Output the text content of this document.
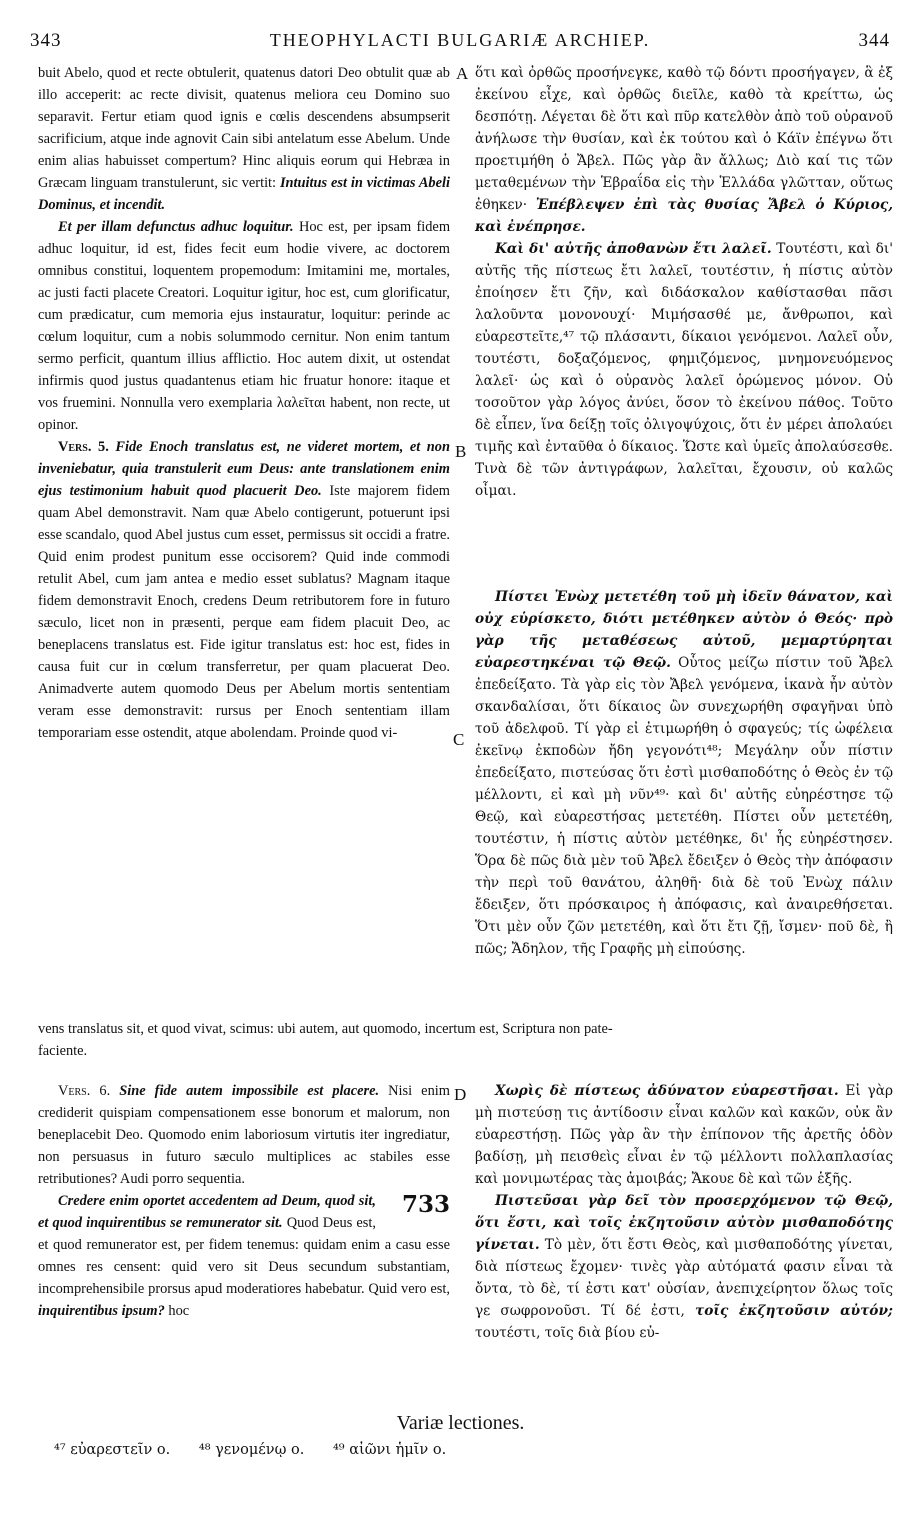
343	THEOPHYLACTI BULGARIÆ ARCHIEP.	344
A
B
C
D

buit Abelo, quod et recte obtulerit, quatenus datori Deo obtulit quæ ab illo acceperit: ac recte divisit, quatenus meliora ceu Domino suo separavit. Fertur etiam quod ignis e cœlis descendens absumpserit sacrificium, atque inde agnovit Cain sibi antelatum esse Abelum. Unde enim alias habuisset compertum? Hinc aliquis eorum qui Hebræa in Græcam linguam transtulerunt, sic vertit: Intuitus est in victimas Abeli Dominus, et incendit.

Et per illam defunctus adhuc loquitur. Hoc est, per ipsam fidem adhuc loquitur, id est, fides fecit eum hodie vivere, ac doctorem omnibus constitui, loquentem propemodum: Imitamini me, mortales, ac justi facti placete Creatori. Loquitur igitur, hoc est, cum glorificatur, cum prædicatur, cum memoria ejus instauratur, loquitur: perinde ac cœlum loquitur, cum a nobis solummodo cernitur. Non enim tantum sermo perficit, quantum illius afflictio. Hoc autem dixit, ut ostendat infirmis quod justus quadantenus etiam hic fruatur honore: itaque et vos fruemini. Nonnulla vero exemplaria λαλεῖται habent, non recte, ut opinor.

Vers. 5. Fide Enoch translatus est, ne videret mortem, et non inveniebatur, quia transtulerit eum Deus: ante translationem enim ejus testimonium habuit quod placuerit Deo. Iste majorem fidem quam Abel demonstravit. Nam quæ Abelo contigerunt, potuerunt ipsi esse scandalo, quod Abel justus cum esset, permissus sit occidi a fratre. Quid enim prodest punitum esse occisorem? Quid inde commodi retulit Abel, cum jam antea e medio esset sublatus? Magnam itaque fidem demonstravit Enoch, credens Deum retributorem fore in futuro sæculo, licet non in præsenti, perque eam fidem placuit Deo, ac beneplacens translatus est. Fide igitur translatus est: hoc est, fides in causa fuit cur in cœlum transferretur, per quam placuerat Deo. Animadverte autem quomodo Deus per Abelum mortis sententiam veram esse demonstravit: rursus per Enoch sententiam illam temporariam esse ostendit, atque abolendam. Proinde quod vi-

ὅτι καὶ ὀρθῶς προσήνεγκε, καθὸ τῷ δόντι προσήγαγεν, ἃ ἐξ ἐκείνου εἶχε, καὶ ὀρθῶς διεῖλε, καθὸ τὰ κρείττω, ὡς δεσπότῃ. Λέγεται δὲ ὅτι καὶ πῦρ κατελθὸν ἀπὸ τοῦ οὐρανοῦ ἀνήλωσε τὴν θυσίαν, καὶ ἐκ τούτου καὶ ὁ Κάϊν ἐπέγνω ὅτι προετιμήθη ὁ Ἄβελ. Πῶς γὰρ ἂν ἄλλως; Διὸ καί τις τῶν μεταθεμένων τὴν Ἑβραΐδα εἰς τὴν Ἑλλάδα γλῶτταν, οὕτως ἐθηκεν· Ἐπέβλεψεν ἐπὶ τὰς θυσίας Ἄβελ ὁ Κύριος, καὶ ἐνέπρησε.

Καὶ δι' αὐτῆς ἀποθανὼν ἔτι λαλεῖ. Τουτέστι, καὶ δι' αὐτῆς τῆς πίστεως ἔτι λαλεῖ, τουτέστιν, ἡ πίστις αὐτὸν ἐποίησεν ἔτι ζῆν, καὶ διδάσκαλον καθίστασθαι πᾶσι λαλοῦντα μονονουχί· Μιμήσασθέ με, ἄνθρωποι, καὶ εὐαρεστεῖτε,⁴⁷ τῷ πλάσαντι, δίκαιοι γενόμενοι. Λαλεῖ οὖν, τουτέστι, δοξαζόμενος, φημιζόμενος, μνημονευόμενος λαλεῖ· ὡς καὶ ὁ οὐρανὸς λαλεῖ ὁρώμενος μόνον. Οὐ τοσοῦτον γὰρ λόγος ἀνύει, ὅσον τὸ ἐκείνου πάθος. Τοῦτο δὲ εἶπεν, ἵνα δείξῃ τοῖς ὀλιγοψύχοις, ὅτι ἐν μέρει ἀπολαύει τιμῆς καὶ ἐνταῦθα ὁ δίκαιος. Ὥστε καὶ ὑμεῖς ἀπολαύσεσθε. Τινὰ δὲ τῶν ἀντιγράφων, λαλεῖται, ἔχουσιν, οὐ καλῶς οἶμαι.

Πίστει Ἐνὼχ μετετέθη τοῦ μὴ ἰδεῖν θάνατον, καὶ οὐχ εὑρίσκετο, διότι μετέθηκεν αὐτὸν ὁ Θεός· πρὸ γὰρ τῆς μεταθέσεως αὐτοῦ, μεμαρτύρηται εὐαρεστηκέναι τῷ Θεῷ. Οὗτος μείζω πίστιν τοῦ Ἄβελ ἐπεδείξατο. Τὰ γὰρ εἰς τὸν Ἄβελ γενόμενα, ἱκανὰ ἦν αὐτὸν σκανδαλίσαι, ὅτι δίκαιος ὢν συνεχωρήθη σφαγῆναι ὑπὸ τοῦ ἀδελφοῦ. Τί γὰρ εἰ ἐτιμωρήθη ὁ σφαγεύς; τίς ὠφέλεια ἐκεῖνῳ ἐκποδὼν ἤδη γεγονότι⁴⁸; Μεγάλην οὖν πίστιν ἐπεδείξατο, πιστεύσας ὅτι ἐστὶ μισθαποδότης ὁ Θεὸς ἐν τῷ μέλλοντι, εἰ καὶ μὴ νῦν⁴⁹· καὶ δι' αὐτῆς εὐηρέστησε τῷ Θεῷ, καὶ εὐαρεστήσας μετετέθη. Πίστει οὖν μετετέθη, τουτέστιν, ἡ πίστις αὐτὸν μετέθηκε, δι' ἧς εὐηρέστησεν. Ὅρα δὲ πῶς διὰ μὲν τοῦ Ἄβελ ἔδειξεν ὁ Θεὸς τὴν ἀπόφασιν τὴν περὶ τοῦ θανάτου, ἀληθῆ· διὰ δὲ τοῦ Ἐνὼχ πάλιν ἔδειξεν, ὅτι πρόσκαιρος ἡ ἀπόφασις, καὶ ἀναιρεθήσεται. Ὅτι μὲν οὖν ζῶν μετετέθη, καὶ ὅτι ἔτι ζῇ, ἴσμεν· ποῦ δὲ, ἢ πῶς; Ἄδηλον, τῆς Γραφῆς μὴ εἰπούσης.

vens translatus sit, et quod vivat, scimus: ubi autem, aut quomodo, incertum est, Scriptura non pate-
faciente.

Vers. 6. Sine fide autem impossibile est placere. Nisi enim crediderit quispiam compensationem esse bonorum et malorum, non beneplacebit Deo. Quomodo enim laboriosum virtutis iter ingrediatur, non persuasus in futuro sæculo multiplices ac stabiles esse retributiones? Audi porro sequentia.

733
Credere enim oportet accedentem ad Deum, quod sit, et quod inquirentibus se remunerator sit. Quod Deus est, et quod remunerator est, per fidem tenemus: quidam enim a casu esse omnes res censent: quid vero sit Deus secundum substantiam, incomprehensibile prorsus apud moderatiores habebatur. Quid vero est, inquirentibus ipsum? hoc

Χωρὶς δὲ πίστεως ἀδύνατον εὐαρεστῆσαι. Εἰ γὰρ μὴ πιστεύσῃ τις ἀντίδοσιν εἶναι καλῶν καὶ κακῶν, οὐκ ἂν εὐαρεστήσῃ. Πῶς γὰρ ἂν τὴν ἐπίπονον τῆς ἀρετῆς ὁδὸν βαδίσῃ, μὴ πεισθεὶς εἶναι ἐν τῷ μέλλοντι πολλαπλασίας καὶ μονιμωτέρας τὰς ἀμοιβάς; Ἄκουε δὲ καὶ τῶν ἑξῆς.

Πιστεῦσαι γὰρ δεῖ τὸν προσερχόμενον τῷ Θεῷ, ὅτι ἔστι, καὶ τοῖς ἐκζητοῦσιν αὐτὸν μισθαποδότης γίνεται. Τὸ μὲν, ὅτι ἔστι Θεὸς, καὶ μισθαποδότης γίνεται, διὰ πίστεως ἔχομεν· τινὲς γὰρ αὐτόματά φασιν εἶναι τὰ ὄντα, τὸ δὲ, τί ἐστι κατ' οὐσίαν, ἀνεπιχείρητον ὅλως τοῖς γε σωφρονοῦσι. Τί δέ ἐστι, τοῖς ἐκζητοῦσιν αὐτόν; τουτέστι, τοῖς διὰ βίου εὐ-

Variæ lectiones.
⁴⁷ εὐαρεστεῖν ο. ⁴⁸ γενομένῳ ο. ⁴⁹ αἰῶνι ἡμῖν ο.
